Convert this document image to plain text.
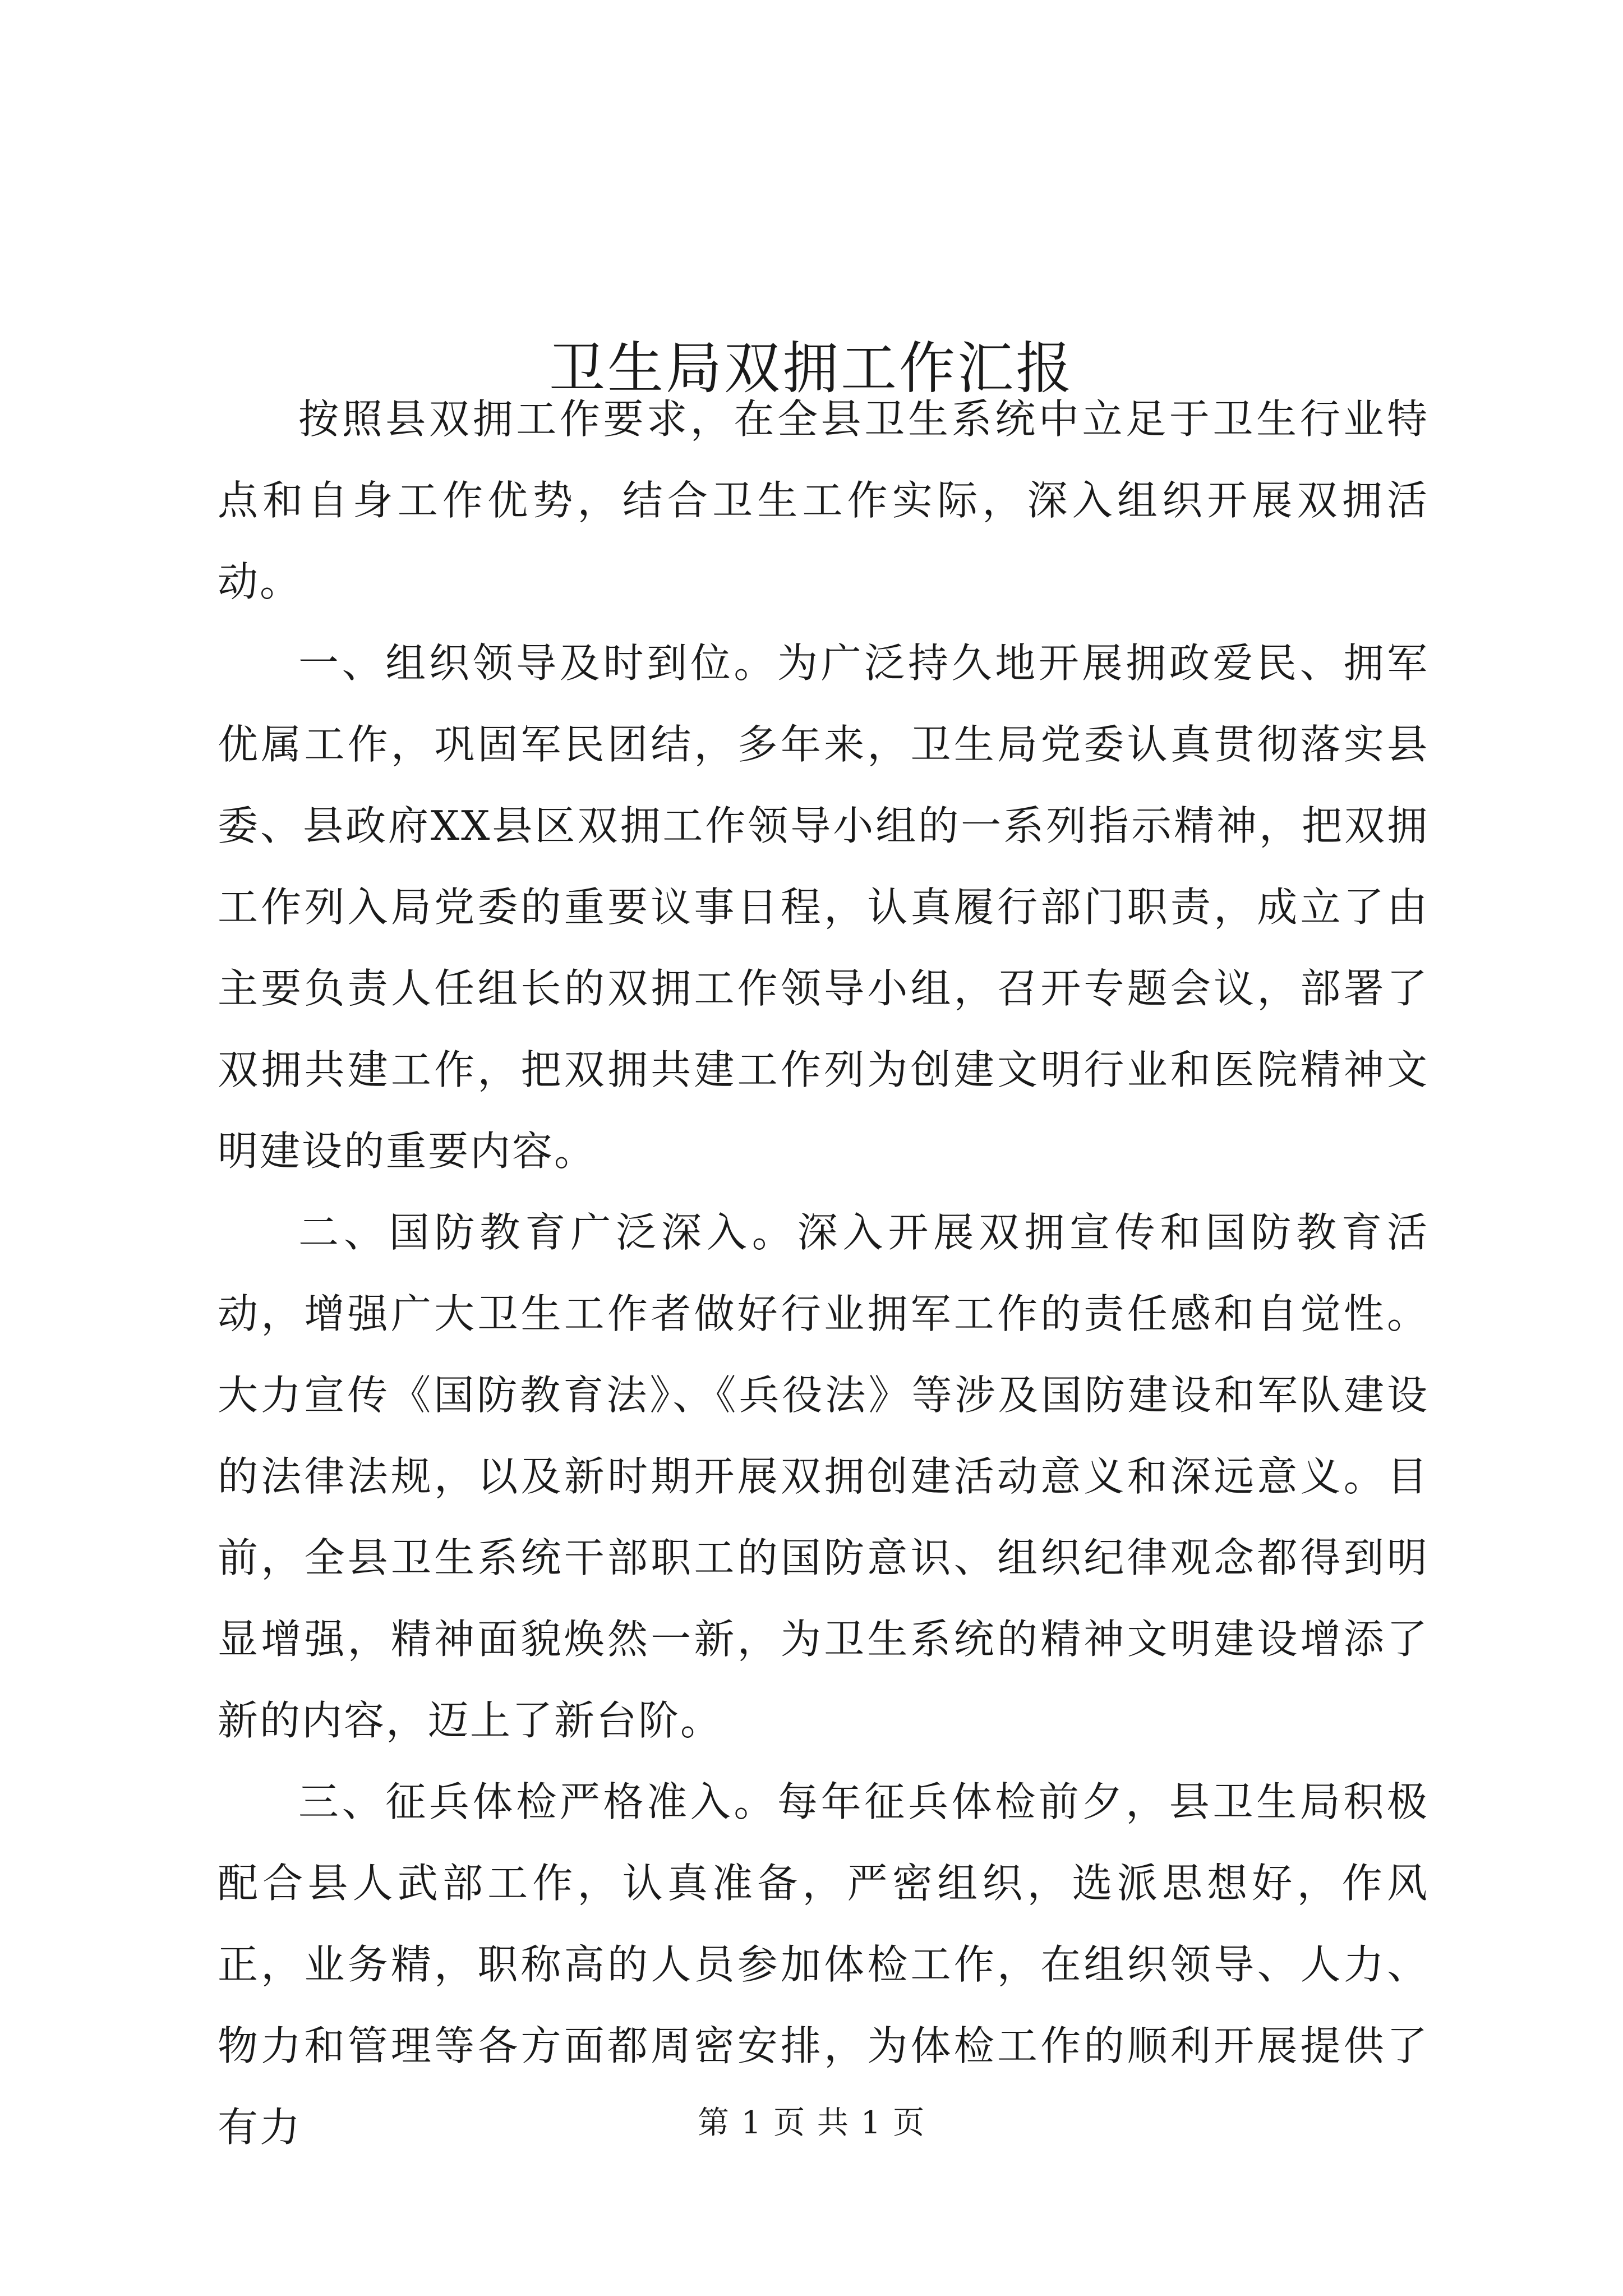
卫生局双拥工作汇报

按照县双拥工作要求，在全县卫生系统中立足于卫生行业特点和自身工作优势，结合卫生工作实际，深入组织开展双拥活动。

一、组织领导及时到位。为广泛持久地开展拥政爱民、拥军优属工作，巩固军民团结，多年来，卫生局党委认真贯彻落实县委、县政府XX县区双拥工作领导小组的一系列指示精神，把双拥工作列入局党委的重要议事日程，认真履行部门职责，成立了由主要负责人任组长的双拥工作领导小组，召开专题会议，部署了双拥共建工作，把双拥共建工作列为创建文明行业和医院精神文明建设的重要内容。

二、国防教育广泛深入。深入开展双拥宣传和国防教育活动，增强广大卫生工作者做好行业拥军工作的责任感和自觉性。大力宣传《国防教育法》、《兵役法》等涉及国防建设和军队建设的法律法规，以及新时期开展双拥创建活动意义和深远意义。目前，全县卫生系统干部职工的国防意识、组织纪律观念都得到明显增强，精神面貌焕然一新，为卫生系统的精神文明建设增添了新的内容，迈上了新台阶。

三、征兵体检严格准入。每年征兵体检前夕，县卫生局积极配合县人武部工作，认真准备，严密组织，选派思想好，作风正，业务精，职称高的人员参加体检工作，在组织领导、人力、物力和管理等各方面都周密安排，为体检工作的顺利开展提供了有力	第 1 页 共 1 页
